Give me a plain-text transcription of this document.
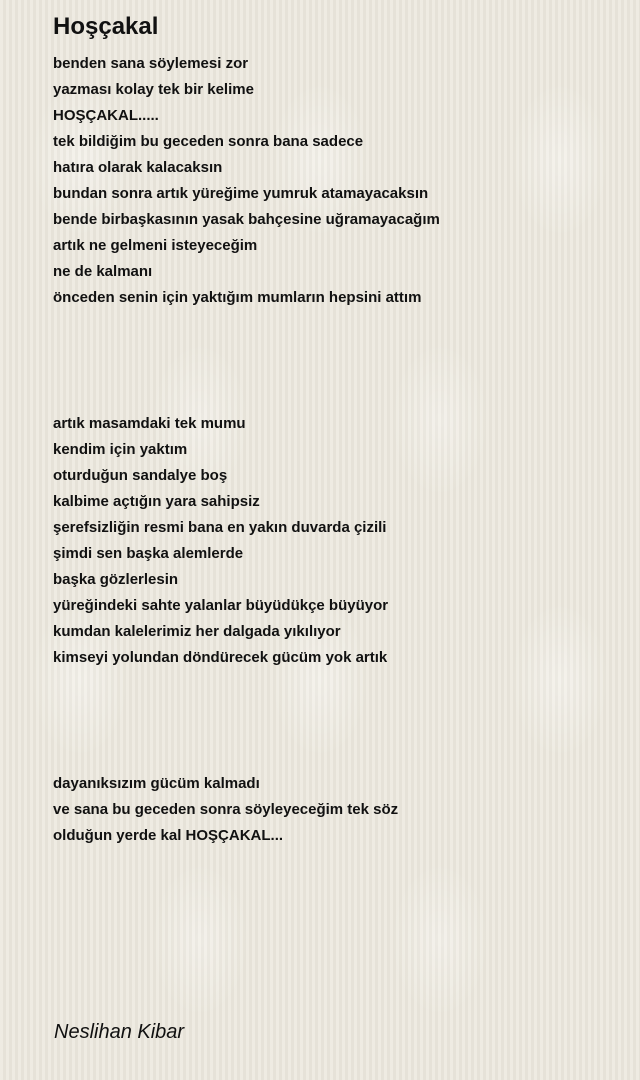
Hoşçakal
benden sana söylemesi zor
yazması kolay tek bir kelime
HOŞÇAKAL.....
tek bildiğim bu geceden sonra bana sadece
hatıra olarak kalacaksın
bundan sonra artık yüreğime yumruk atamayacaksın
bende birbaşkasının yasak bahçesine uğramayacağım
artık ne gelmeni isteyeceğim
ne de kalmanı
önceden senin için yaktığım mumların hepsini attım
artık masamdaki tek mumu
kendim için yaktım
oturduğun sandalye boş
kalbime açtığın yara sahipsiz
şerefsizliğin resmi bana en yakın duvarda çizili
şimdi sen başka alemlerde
başka gözlerlesin
yüreğindeki sahte yalanlar büyüdükçe büyüyor
kumdan kalelerimiz her dalgada yıkılıyor
kimseyi yolundan döndürecek gücüm yok artık
dayanıksızım gücüm kalmadı
ve sana bu geceden sonra söyleyeceğim tek söz
olduğun yerde kal HOŞÇAKAL...

Neslihan Kibar
